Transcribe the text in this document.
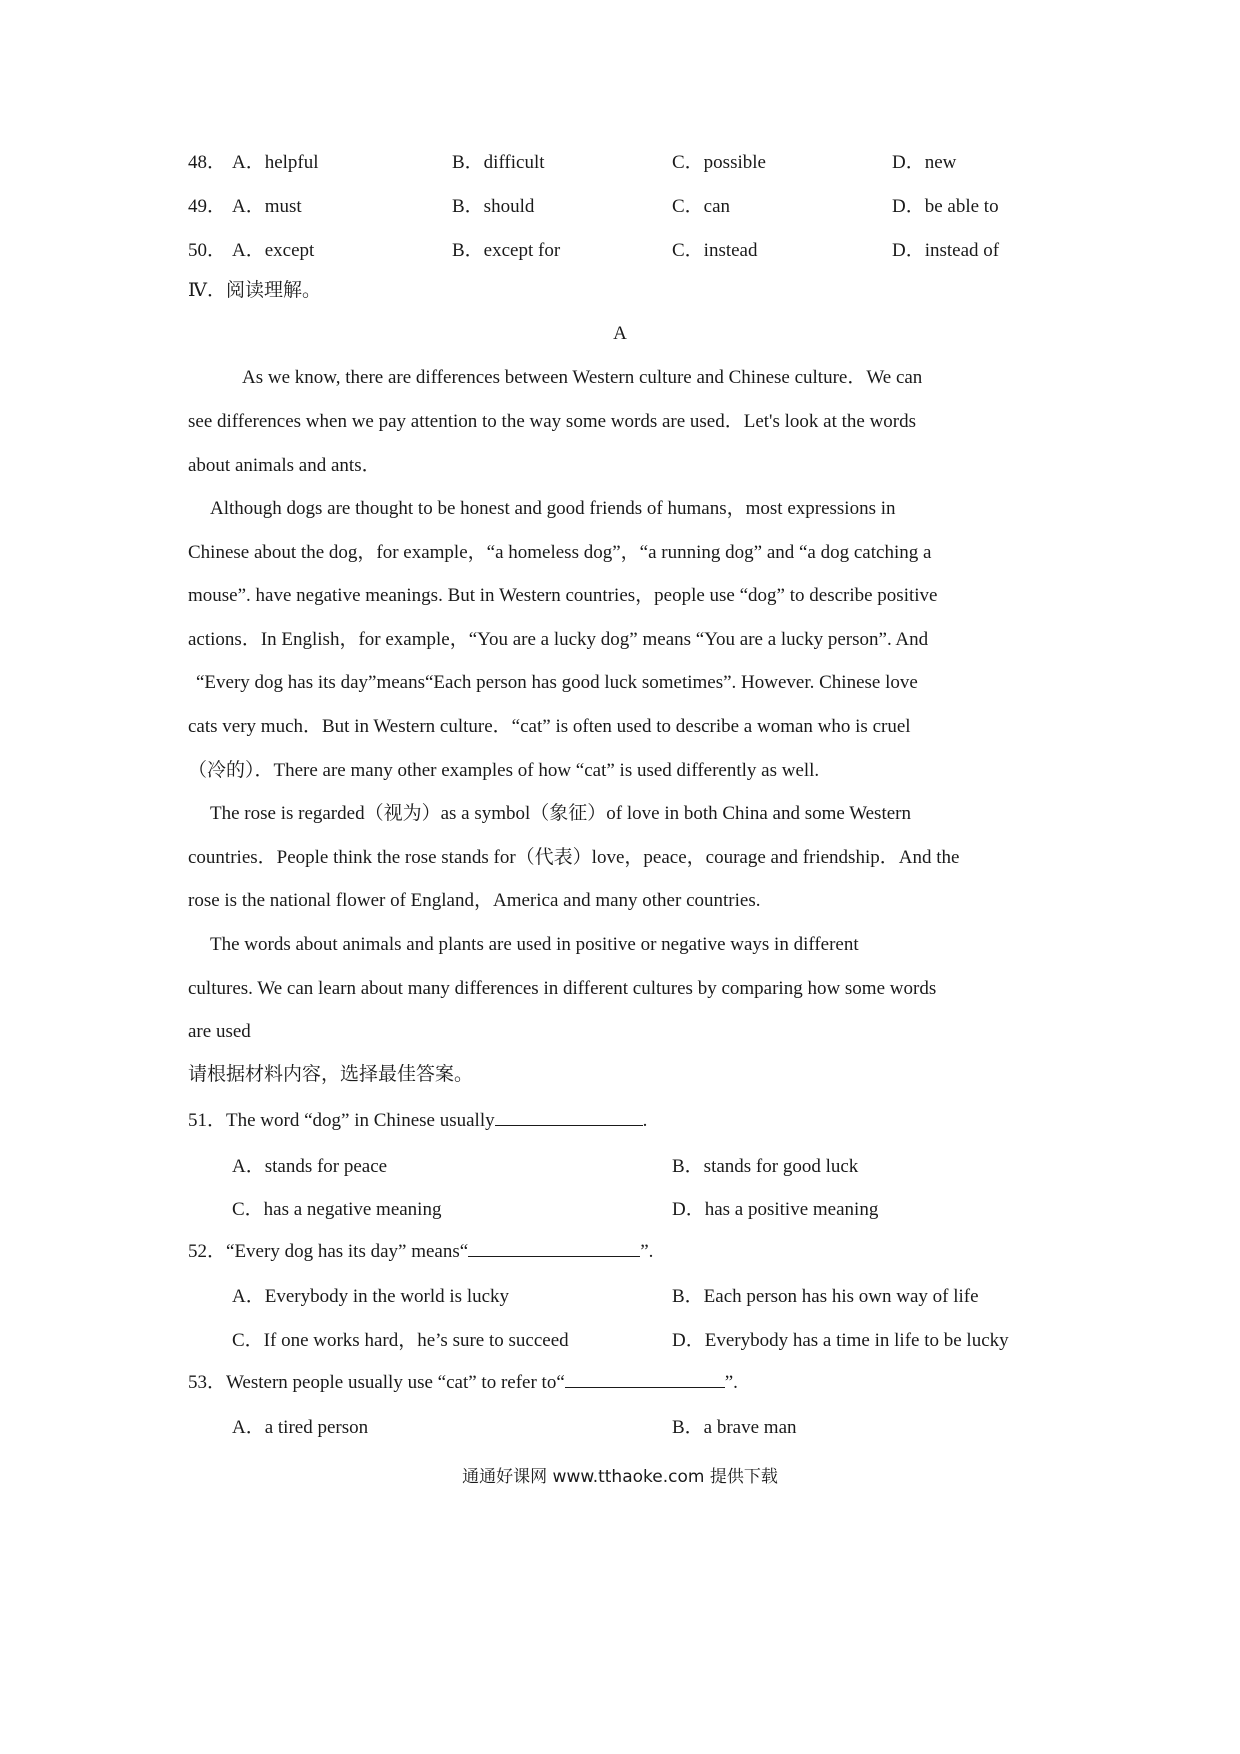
48． A．helpful	B．difficult	C．possible	D．new
49． A．must	B．should	C．can	D．be able to
50． A．except	B．except for	C．instead	D．instead of
Ⅳ．阅读理解。
A
As we know, there are differences between Western culture and Chinese culture．We can
see differences when we pay attention to the way some words are used．Let's look at the words
about animals and ants．
Although dogs are thought to be honest and good friends of humans，most expressions in
Chinese about the dog，for example，“a homeless dog”，“a running dog” and “a dog catching a
mouse”. have negative meanings. But in Western countries，people use “dog” to describe positive
actions．In English，for example，“You are a lucky dog” means “You are a lucky person”. And
“Every dog has its day”means“Each person has good luck sometimes”. However. Chinese love
cats very much．But in Western culture．“cat” is often used to describe a woman who is cruel
（冷的）．There are many other examples of how “cat” is used differently as well.
The rose is regarded（视为）as a symbol（象征）of love in both China and some Western
countries．People think the rose stands for（代表）love，peace，courage and friendship．And the
rose is the national flower of England，America and many other countries.
The words about animals and plants are used in positive or negative ways in different
cultures. We can learn about many differences in different cultures by comparing how some words
are used
请根据材料内容，选择最佳答案。
51．The word “dog” in Chinese usually	.
A．stands for peace	B．stands for good luck
C．has a negative meaning	D．has a positive meaning
52．“Every dog has its day” means“	”.
A．Everybody in the world is lucky	B．Each person has his own way of life
C．If one works hard，he’s sure to succeed	D．Everybody has a time in life to be lucky
53．Western people usually use “cat” to refer to“	”.
A．a tired person	B．a brave man
通通好课网 www.tthaoke.com 提供下载
